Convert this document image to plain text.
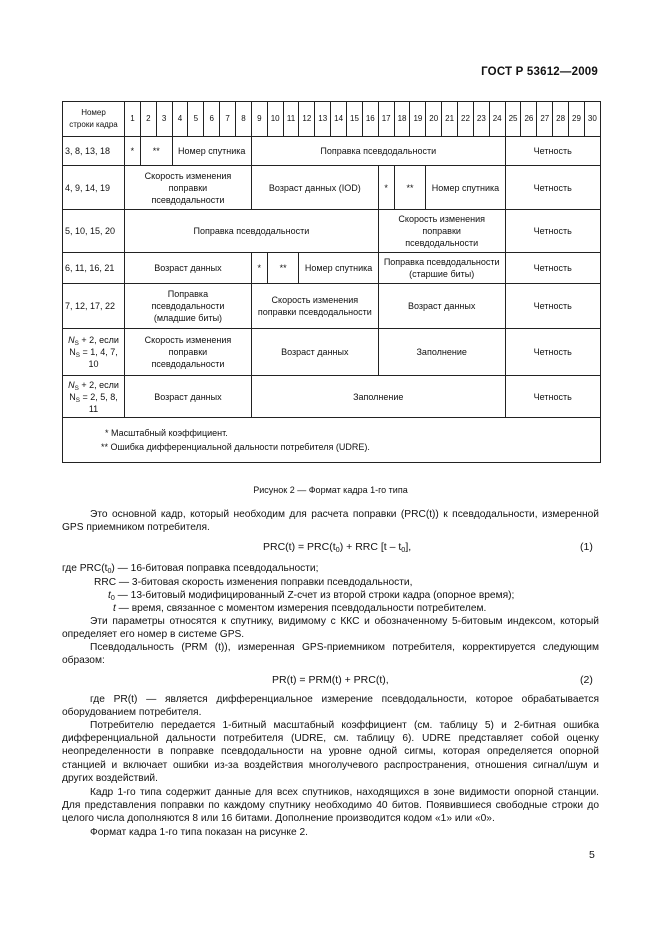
ГОСТ Р 53612—2009
Номер строки кадра	1	2	3	4	5	6	7	8	9	10	11	12	13	14	15	16	17	18	19	20	21	22	23	24	25	26	27	28	29	30
3, 8, 13, 18	*	**		Номер спутника					Поправка псевдодальности																Четность					
4, 9, 14, 19	Скорость изменения поправки псевдодальности								Возраст данных (IOD)								*	**		Номер спутника					Четность					
5, 10, 15, 20	Поправка псевдодальности																Скорость изменения поправки псевдодальности								Четность					
6, 11, 16, 21	Возраст данных								*	**		Номер спутника					Поправка псевдодальности (старшие биты)								Четность					
7, 12, 17, 22	Поправка псевдодальности (младшие биты)								Скорость изменения поправки псевдодальности								Возраст данных								Четность					
$N_S + 2$, если $N_S = 1$, 4, 7, 10	Скорость изменения поправки псевдодальности								Возраст данных								Заполнение								Четность					
$N_S + 2$, если $N_S = 2$, 5, 8, 11	Возраст данных								Заполнение																Четность					

* Масштабный коэффициент.
** Ошибка дифференциальной дальности потребителя (UDRE).																														
Рисунок 2 — Формат кадра 1-го типа
Это основной кадр, который необходим для расчета поправки (PRC(t)) к псевдодальности, измеренной GPS приемником потребителя.
$PRC(t) = PRC(t_0)$ + RRC $[t - t_0]$,	(1)
где $PRC(t_0)$ — 16-битовая поправка псевдодальности;
RRC — 3-битовая скорость изменения поправки псевдодальности,
$t_0$ — 13-битовый модифицированный Z-счет из второй строки кадра (опорное время);
t — время, связанное с моментом измерения псевдодальности потребителем.
Эти параметры относятся к спутнику, видимому с ККС и обозначенному 5-битовым индексом, который определяет его номер в системе GPS.
Псевдодальность (PRM (t)), измеренная GPS-приемником потребителя, корректируется следующим образом:
PR(t) = PRM(t) + PRC(t),	(2)
где PR(t) — является дифференциальное измерение псевдодальности, которое обрабатывается оборудованием потребителя.
Потребителю передается 1-битный масштабный коэффициент (см. таблицу 5) и 2-битная ошибка дифференциальной дальности потребителя (UDRE, см. таблицу 6). UDRE представляет собой оценку неопределенности в поправке псевдодальности на уровне одной сигмы, которая определяется опорной станцией и включает ошибки из-за воздействия многолучевого распространения, отношения сигнал/шум и других воздействий.
Кадр 1-го типа содержит данные для всех спутников, находящихся в зоне видимости опорной станции. Для представления поправки по каждому спутнику необходимо 40 битов. Появившиеся свободные строки до целого числа дополняются 8 или 16 битами. Дополнение производится кодом «1» или «0».
Формат кадра 1-го типа показан на рисунке 2.
5
